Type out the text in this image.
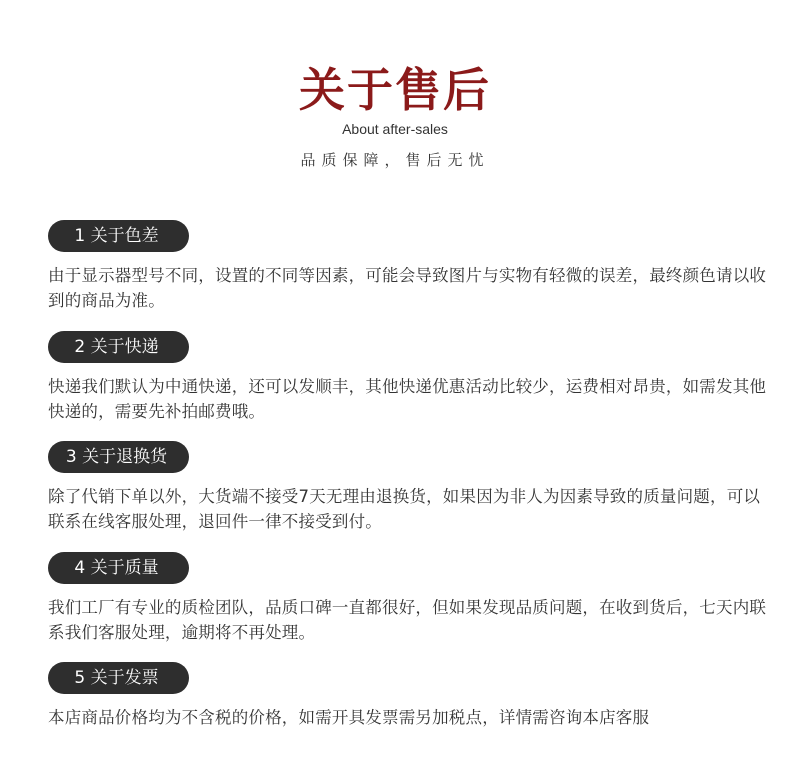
关于售后
About after-sales
品质保障，售后无忧
1 关于色差
由于显示器型号不同，设置的不同等因素，可能会导致图片与实物有轻微的误差，最终颜色请以收到的商品为准。
2 关于快递
快递我们默认为中通快递，还可以发顺丰，其他快递优惠活动比较少，运费相对昂贵，如需发其他快递的，需要先补拍邮费哦。
3 关于退换货
除了代销下单以外，大货端不接受7天无理由退换货，如果因为非人为因素导致的质量问题，可以联系在线客服处理，退回件一律不接受到付。
4 关于质量
我们工厂有专业的质检团队，品质口碑一直都很好，但如果发现品质问题，在收到货后，七天内联系我们客服处理，逾期将不再处理。
5 关于发票
本店商品价格均为不含税的价格，如需开具发票需另加税点，详情需咨询本店客服
